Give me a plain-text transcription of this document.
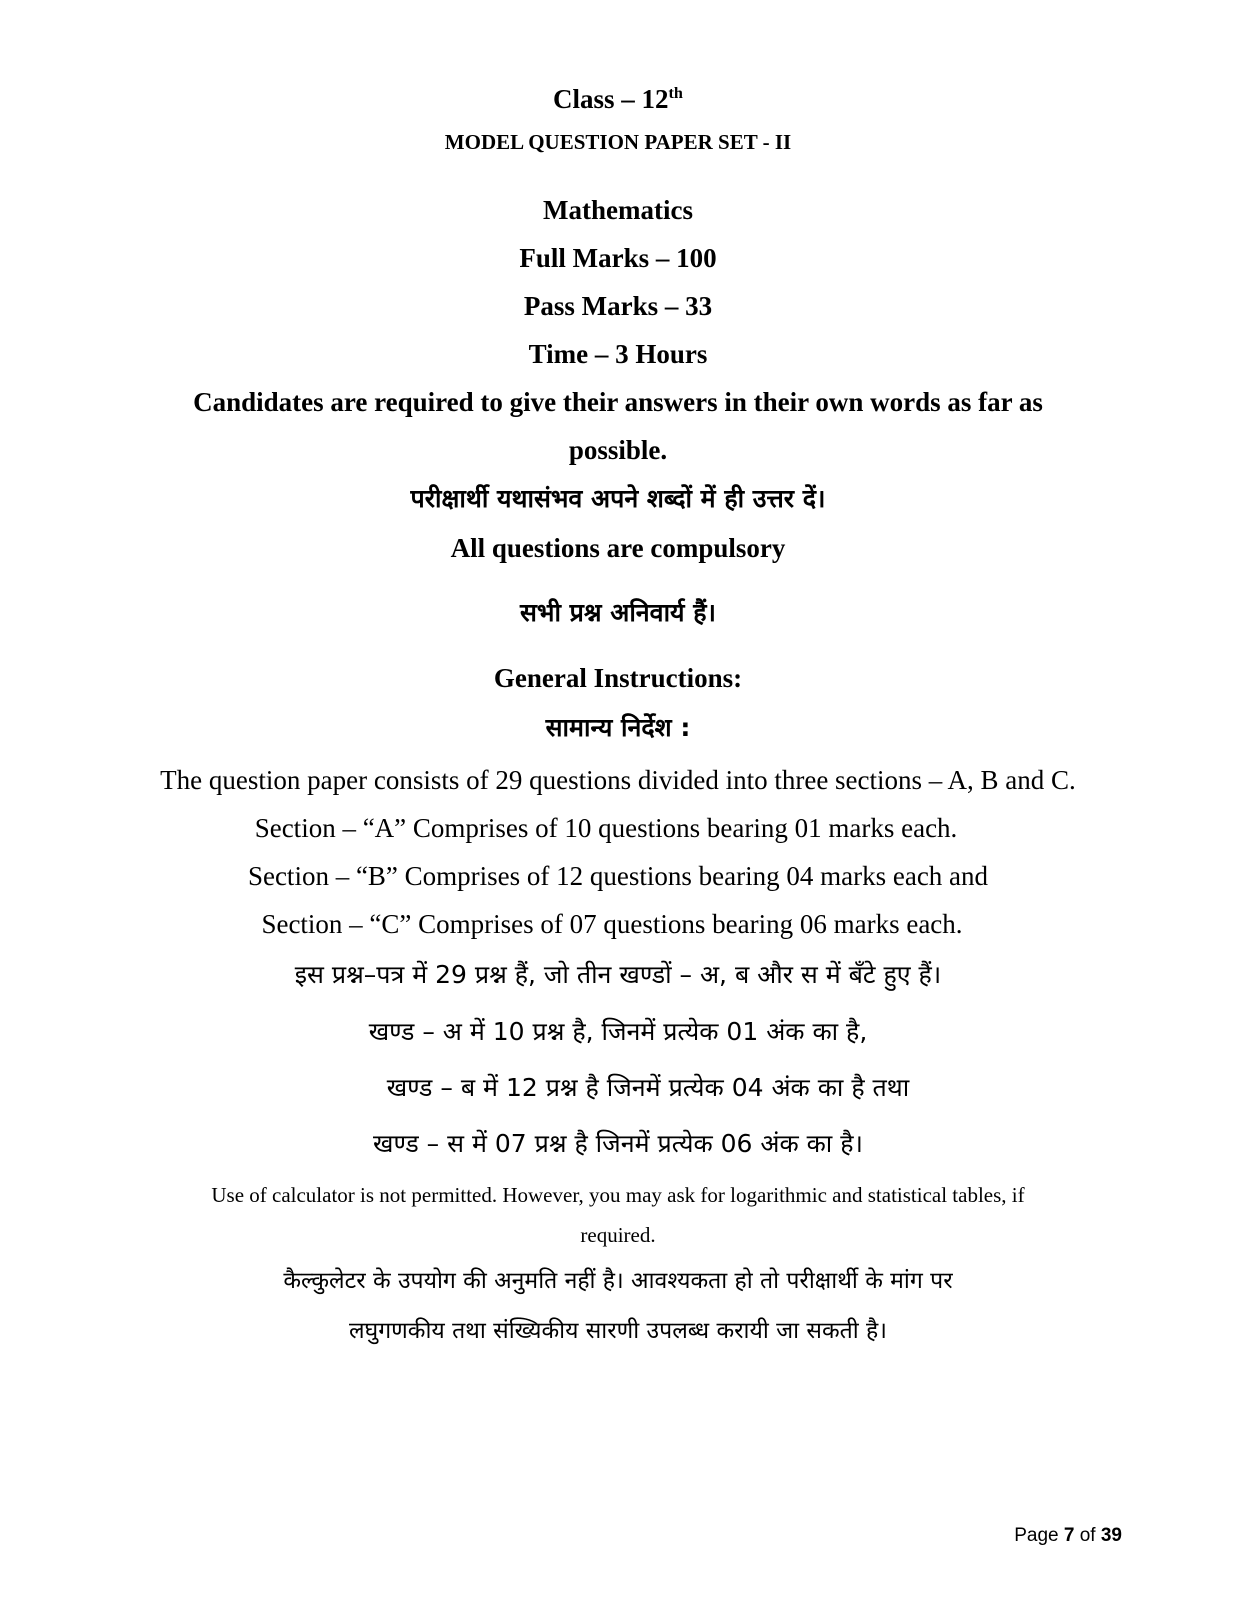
Class – 12th
MODEL QUESTION PAPER SET - II
Mathematics
Full Marks – 100
Pass Marks – 33
Time – 3 Hours
Candidates are required to give their answers in their own words as far as
possible.
परीक्षार्थी यथासंभव अपने शब्दों में ही उत्तर दें।
All questions are compulsory
सभी प्रश्न अनिवार्य हैं।
General Instructions:
सामान्य निर्देश :
The question paper consists of 29 questions divided into three sections – A, B and C.
Section – “A” Comprises of 10 questions bearing 01 marks each.
Section – “B” Comprises of 12 questions bearing 04 marks each and
Section – “C” Comprises of 07 questions bearing 06 marks each.
इस प्रश्न–पत्र में 29 प्रश्न हैं, जो तीन खण्डों – अ, ब और स में बँटे हुए हैं।
खण्ड – अ में 10 प्रश्न है, जिनमें प्रत्येक 01 अंक का है,
खण्ड – ब में 12 प्रश्न है जिनमें प्रत्येक 04 अंक का है तथा
खण्ड – स में 07 प्रश्न है जिनमें प्रत्येक 06 अंक का है।
Use of calculator is not permitted. However, you may ask for logarithmic and statistical tables, if
required.
कैल्कुलेटर के उपयोग की अनुमति नहीं है। आवश्यकता हो तो परीक्षार्थी के मांग पर
लघुगणकीय तथा संख्यिकीय सारणी उपलब्ध करायी जा सकती है।
Page 7 of 39
